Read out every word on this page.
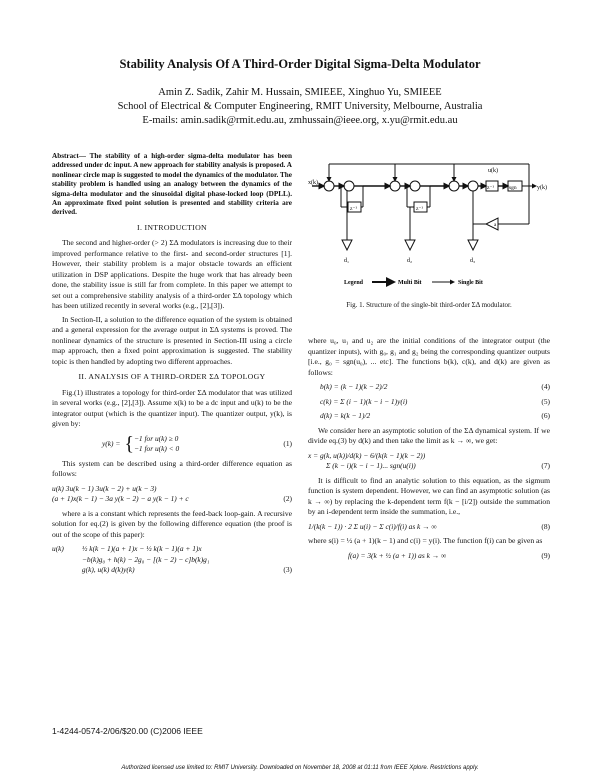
Stability Analysis Of A Third-Order Digital Sigma-Delta Modulator
Amin Z. Sadik, Zahir M. Hussain, SMIEEE, Xinghuo Yu, SMIEEE
School of Electrical & Computer Engineering, RMIT University, Melbourne, Australia
E-mails: amin.sadik@rmit.edu.au, zmhussain@ieee.org, x.yu@rmit.edu.au
Abstract— The stability of a high-order sigma-delta modulator has been addressed under dc input. A new approach for stability analysis is proposed. A nonlinear circle map is suggested to model the dynamics of the modulator. The stability problem is handled using an analogy between the dynamics of the sigma-delta modulator and the sinusoidal digital phase-locked loop (DPLL). An approximate fixed point solution is presented and stability criteria are derived.
I. INTRODUCTION

The second and higher-order (> 2) ΣΔ modulators is increasing due to their improved performance relative to the first- and second-order structures [1]. However, their stability problem is a major obstacle towards an efficient utilization in DSP applications. Despite the huge work that has already been done, the stability issue is still far from complete. In this paper we attempt to set out a comprehensive stability analysis of a third-order ΣΔ topology which has been utilized recently in several works (e.g., [2],[3]).

In Section-II, a solution to the difference equation of the system is obtained and a general expression for the average output in ΣΔ systems is proved. The nonlinear dynamics of the structure is presented in Section-III using a circle map approach, then a fixed point approximation is suggested. The stability topic is then handled by adopting two different approaches.

II. ANALYSIS OF A THIRD-ORDER ΣΔ TOPOLOGY

Fig.(1) illustrates a topology for third-order ΣΔ modulator that was utilized in several works (e.g., [2],[3]). Assume x(k) to be a dc input and u(k) to be the integrator output (which is the quantizer input). The quantizer output, y(k), is given by:

y(k) = { −1 for u(k) ≥ 0
−1 for u(k) < 0
(1)

This system can be described using a third-order difference equation as follows:

u(k) 3u(k − 1) 3u(k − 2) + u(k − 3)
(a + 1)x(k − 1) − 3a y(k − 2) − a y(k − 1) + c	(2)

where a is a constant which represents the feed-back loop-gain. A recursive solution for eq.(2) is given by the following difference equation (the proof is out of the scope of this paper):

u(k) ½ k(k − 1)(a + 1)x − ½ k(k − 1)(a + 1)x
−b(k)g₀ + h(k) − 2g₀ − [(k − 2) − c]b(k)g₁
g(k), u(k) d(k)y(k)	(3)
1-4244-0574-2/06/$20.00 (C)2006 IEEE
x(k)
z⁻¹
d₁
z⁻¹
d₂
z⁻¹	sgn	y(k)
u(k)
d₃
a
Legend	Multi Bit	Single Bit
Fig. 1. Structure of the single-bit third-order ΣΔ modulator.

where u₀, u₁ and u₂ are the initial conditions of the integrator output (the quantizer inputs), with g₀, g₁ and g₂ being the corresponding quantizer outputs [i.e., g₀ = sgn(u₀), ... etc]. The functions b(k), c(k), and d(k) are given as follows:

b(k) = (k − 1)(k − 2)/2	(4)
c(k) = Σ (i − 1)(k − i − 1)y(i)	(5)
d(k) = k(k − 1)/2	(6)

We consider here an asymptotic solution of the ΣΔ dynamical system. If we divide eq.(3) by d(k) and then take the limit as k → ∞, we get:

x = g(k, u(k))/d(k) − 6/(k(k − 1)(k − 2))
Σ (k − i)(k − i − 1)... sgn(u(i))	(7)

It is difficult to find an analytic solution to this equation, as the sigmum function is system dependent. However, we can find an asymptotic solution (as k → ∞) by replacing the k-dependent term f(k − [i/2]) outside the summation by an i-dependent term inside the summation, i.e.,

1/(k(k − 1)) · 2 Σ u(i) − Σ c(i)/f(i) as k → ∞	(8)

where s(i) = ½ (a + 1)(k − 1) and c(i) = y(i). The function f(i) can be given as

f(a) = 3(k + ½ (a + 1)) as k → ∞	(9)
Authorized licensed use limited to: RMIT University. Downloaded on November 18, 2008 at 01:11 from IEEE Xplore. Restrictions apply.
